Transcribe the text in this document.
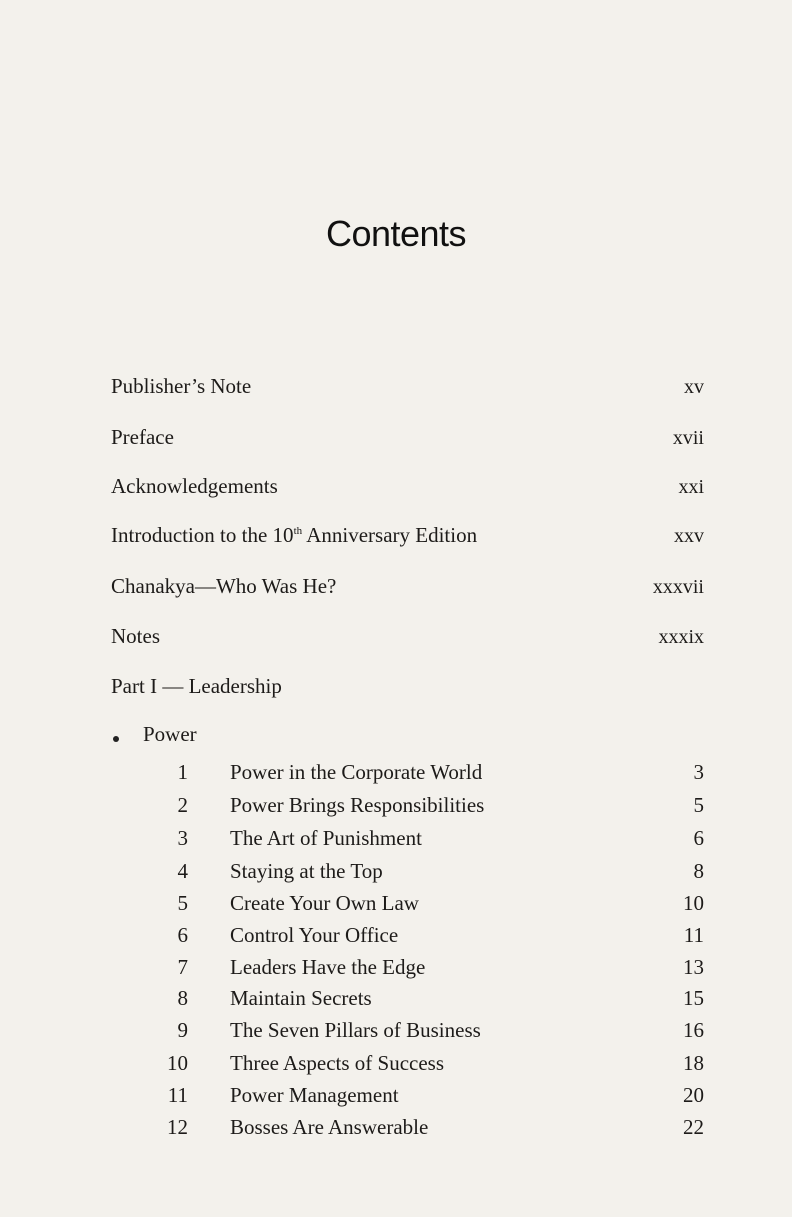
Contents
Publisher’s Note	xv
Preface	xvii
Acknowledgements	xxi
Introduction to the 10th Anniversary Edition	xxv
Chanakya—Who Was He?	xxxvii
Notes	xxxix
Part I — Leadership
Power
1 Power in the Corporate World	3
2 Power Brings Responsibilities	5
3 The Art of Punishment	6
4 Staying at the Top	8
5 Create Your Own Law	10
6 Control Your Office	11
7 Leaders Have the Edge	13
8 Maintain Secrets	15
9 The Seven Pillars of Business	16
10 Three Aspects of Success	18
11 Power Management	20
12 Bosses Are Answerable	22
